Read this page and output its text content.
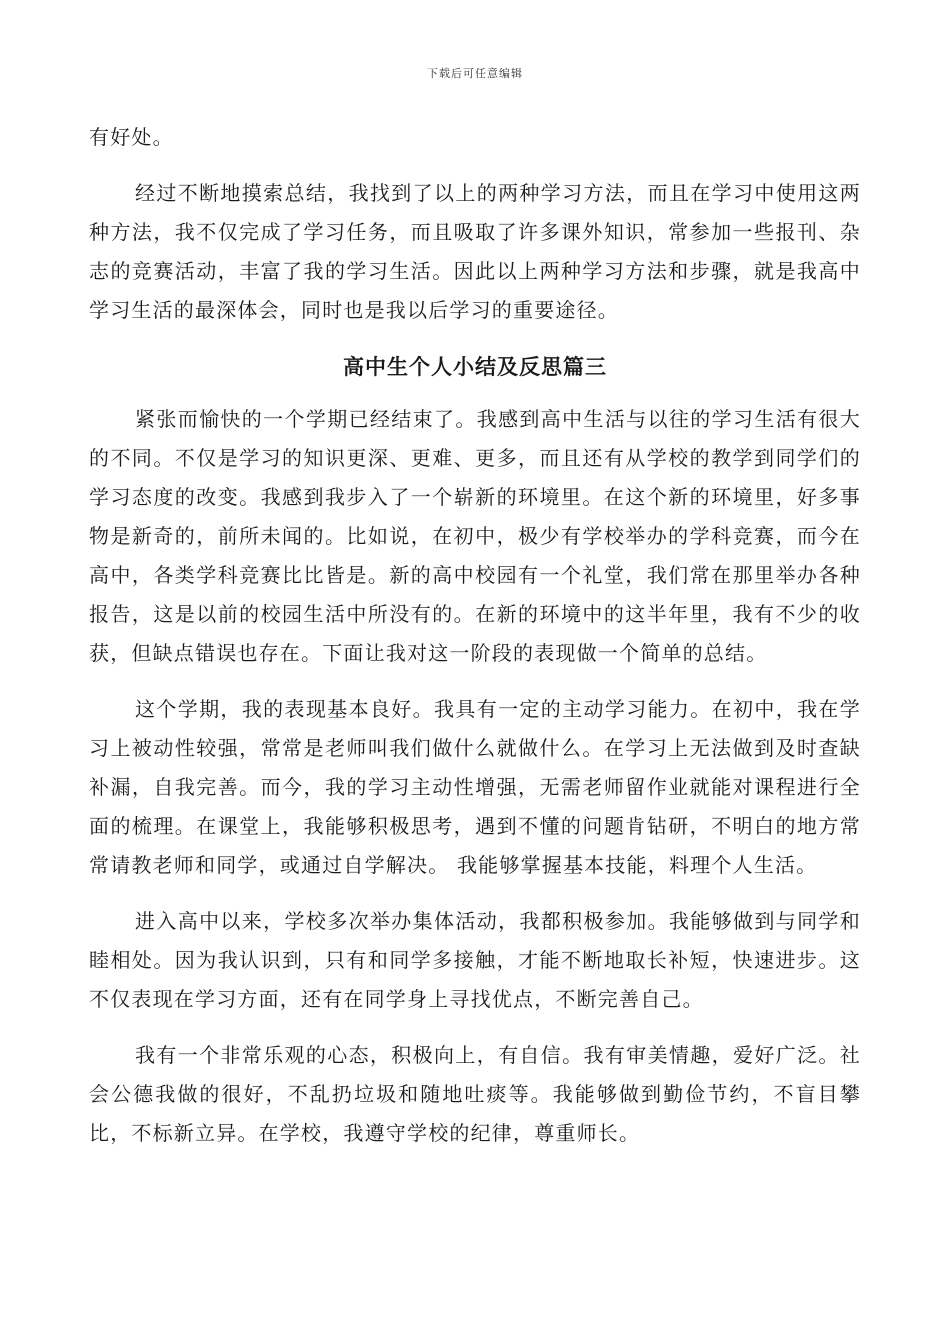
下载后可任意编辑

有好处。

经过不断地摸索总结，我找到了以上的两种学习方法，而且在学习中使用这两种方法，我不仅完成了学习任务，而且吸取了许多课外知识，常参加一些报刊、杂志的竞赛活动，丰富了我的学习生活。因此以上两种学习方法和步骤，就是我高中学习生活的最深体会，同时也是我以后学习的重要途径。

高中生个人小结及反思篇三

紧张而愉快的一个学期已经结束了。我感到高中生活与以往的学习生活有很大的不同。不仅是学习的知识更深、更难、更多，而且还有从学校的教学到同学们的学习态度的改变。我感到我步入了一个崭新的环境里。在这个新的环境里，好多事物是新奇的，前所未闻的。比如说，在初中，极少有学校举办的学科竞赛，而今在高中，各类学科竞赛比比皆是。新的高中校园有一个礼堂，我们常在那里举办各种报告，这是以前的校园生活中所没有的。在新的环境中的这半年里，我有不少的收获，但缺点错误也存在。下面让我对这一阶段的表现做一个简单的总结。

这个学期，我的表现基本良好。我具有一定的主动学习能力。在初中，我在学习上被动性较强，常常是老师叫我们做什么就做什么。在学习上无法做到及时查缺补漏，自我完善。而今，我的学习主动性增强，无需老师留作业就能对课程进行全面的梳理。在课堂上，我能够积极思考，遇到不懂的问题肯钻研，不明白的地方常常请教老师和同学，或通过自学解决。 我能够掌握基本技能，料理个人生活。

进入高中以来，学校多次举办集体活动，我都积极参加。我能够做到与同学和睦相处。因为我认识到，只有和同学多接触，才能不断地取长补短，快速进步。这不仅表现在学习方面，还有在同学身上寻找优点，不断完善自己。

我有一个非常乐观的心态，积极向上，有自信。我有审美情趣，爱好广泛。社会公德我做的很好，不乱扔垃圾和随地吐痰等。我能够做到勤俭节约，不盲目攀比，不标新立异。在学校，我遵守学校的纪律，尊重师长。
